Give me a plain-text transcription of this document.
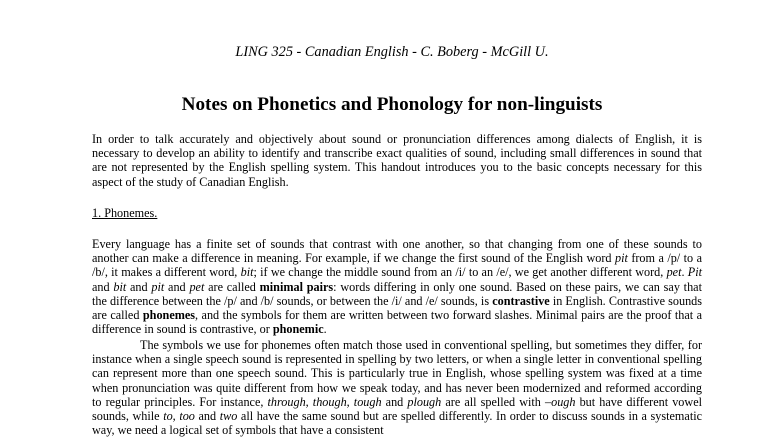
LING 325 - Canadian English - C. Boberg - McGill U.
Notes on Phonetics and Phonology for non-linguists

In order to talk accurately and objectively about sound or pronunciation differences among dialects of English, it is necessary to develop an ability to identify and transcribe exact qualities of sound, including small differences in sound that are not represented by the English spelling system. This handout introduces you to the basic concepts necessary for this aspect of the study of Canadian English.

1. Phonemes.

Every language has a finite set of sounds that contrast with one another, so that changing from one of these sounds to another can make a difference in meaning. For example, if we change the first sound of the English word pit from a /p/ to a /b/, it makes a different word, bit; if we change the middle sound from an /i/ to an /e/, we get another different word, pet. Pit and bit and pit and pet are called minimal pairs: words differing in only one sound. Based on these pairs, we can say that the difference between the /p/ and /b/ sounds, or between the /i/ and /e/ sounds, is contrastive in English. Contrastive sounds are called phonemes, and the symbols for them are written between two forward slashes. Minimal pairs are the proof that a difference in sound is contrastive, or phonemic.

The symbols we use for phonemes often match those used in conventional spelling, but sometimes they differ, for instance when a single speech sound is represented in spelling by two letters, or when a single letter in conventional spelling can represent more than one speech sound. This is particularly true in English, whose spelling system was fixed at a time when pronunciation was quite different from how we speak today, and has never been modernized and reformed according to regular principles. For instance, through, though, tough and plough are all spelled with –ough but have different vowel sounds, while to, too and two all have the same sound but are spelled differently. In order to discuss sounds in a systematic way, we need a logical set of symbols that have a consistent
